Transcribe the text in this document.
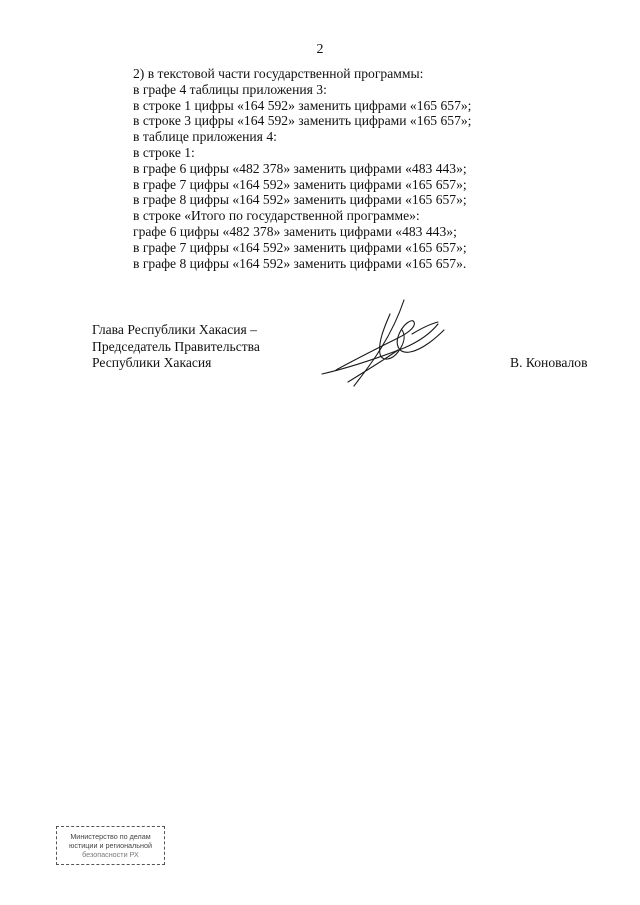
2
2) в текстовой части государственной программы:
в графе 4 таблицы приложения 3:
в строке 1 цифры «164 592» заменить цифрами «165 657»;
в строке 3 цифры «164 592» заменить цифрами «165 657»;
в таблице приложения 4:
в строке 1:
в графе 6 цифры «482 378» заменить цифрами «483 443»;
в графе 7 цифры «164 592» заменить цифрами «165 657»;
в графе 8 цифры «164 592» заменить цифрами «165 657»;
в строке «Итого по государственной программе»:
графе 6 цифры «482 378» заменить цифрами «483 443»;
в графе 7 цифры «164 592» заменить цифрами «165 657»;
в графе 8 цифры «164 592» заменить цифрами «165 657».
Глава Республики Хакасия –
Председатель Правительства
Республики Хакасия	В. Коновалов
Министерство по делам
юстиции и региональной
безопасности РХ
